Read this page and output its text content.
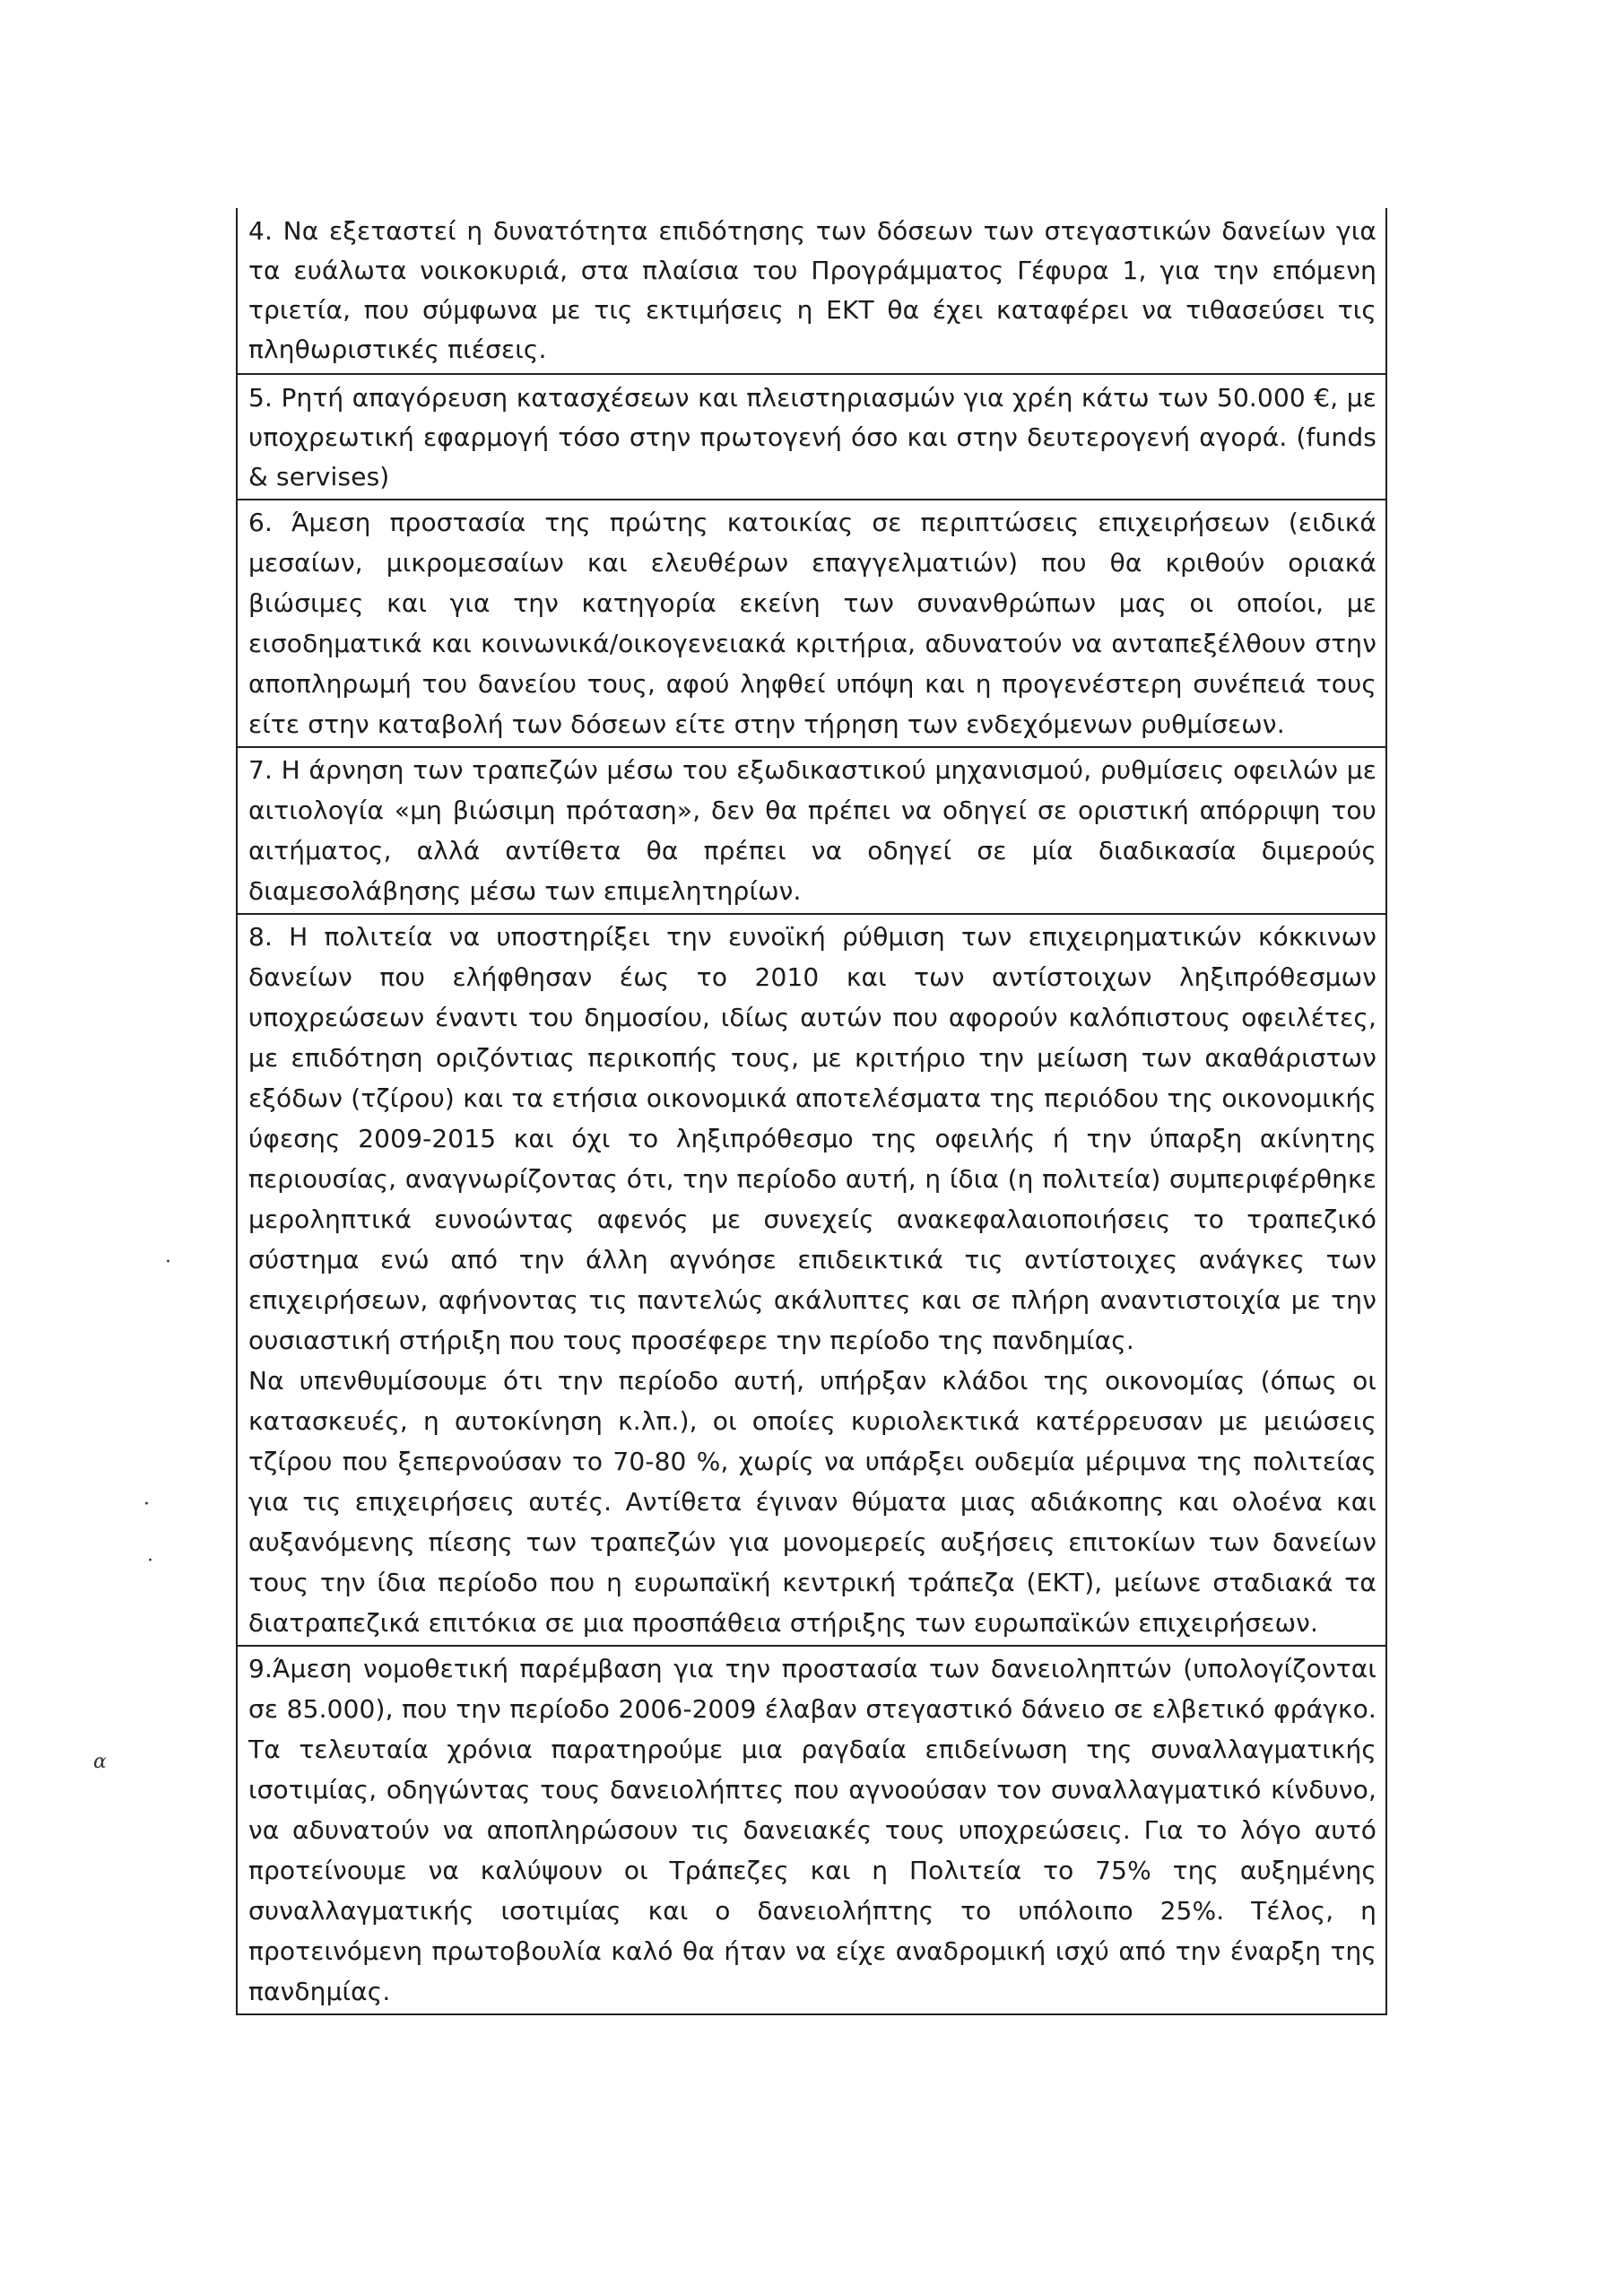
4. Να εξεταστεί η δυνατότητα επιδότησης των δόσεων των στεγαστικών δανείων για τα ευάλωτα νοικοκυριά, στα πλαίσια του Προγράμματος Γέφυρα 1, για την επόμενη τριετία, που σύμφωνα με τις εκτιμήσεις η ΕΚΤ θα έχει καταφέρει να τιθασεύσει τις πληθωριστικές πιέσεις.

5. Ρητή απαγόρευση κατασχέσεων και πλειστηριασμών για χρέη κάτω των 50.000 €, με υποχρεωτική εφαρμογή τόσο στην πρωτογενή όσο και στην δευτερογενή αγορά. (funds & servises)

6. Άμεση προστασία της πρώτης κατοικίας σε περιπτώσεις επιχειρήσεων (ειδικά μεσαίων, μικρομεσαίων και ελευθέρων επαγγελματιών) που θα κριθούν οριακά βιώσιμες και για την κατηγορία εκείνη των συνανθρώπων μας οι οποίοι, με εισοδηματικά και κοινωνικά/οικογενειακά κριτήρια, αδυνατούν να ανταπεξέλθουν στην αποπληρωμή του δανείου τους, αφού ληφθεί υπόψη και η προγενέστερη συνέπειά τους είτε στην καταβολή των δόσεων είτε στην τήρηση των ενδεχόμενων ρυθμίσεων.

7. Η άρνηση των τραπεζών μέσω του εξωδικαστικού μηχανισμού, ρυθμίσεις οφειλών με αιτιολογία «μη βιώσιμη πρόταση», δεν θα πρέπει να οδηγεί σε οριστική απόρριψη του αιτήματος, αλλά αντίθετα θα πρέπει να οδηγεί σε μία διαδικασία διμερούς διαμεσολάβησης μέσω των επιμελητηρίων.

8. Η πολιτεία να υποστηρίξει την ευνοϊκή ρύθμιση των επιχειρηματικών κόκκινων δανείων που ελήφθησαν έως το 2010 και των αντίστοιχων ληξιπρόθεσμων υποχρεώσεων έναντι του δημοσίου, ιδίως αυτών που αφορούν καλόπιστους οφειλέτες, με επιδότηση οριζόντιας περικοπής τους, με κριτήριο την μείωση των ακαθάριστων εξόδων (τζίρου) και τα ετήσια οικονομικά αποτελέσματα της περιόδου της οικονομικής ύφεσης 2009-2015 και όχι το ληξιπρόθεσμο της οφειλής ή την ύπαρξη ακίνητης περιουσίας, αναγνωρίζοντας ότι, την περίοδο αυτή, η ίδια (η πολιτεία) συμπεριφέρθηκε μεροληπτικά ευνοώντας αφενός με συνεχείς ανακεφαλαιοποιήσεις το τραπεζικό σύστημα ενώ από την άλλη αγνόησε επιδεικτικά τις αντίστοιχες ανάγκες των επιχειρήσεων, αφήνοντας τις παντελώς ακάλυπτες και σε πλήρη αναντιστοιχία με την ουσιαστική στήριξη που τους προσέφερε την περίοδο της πανδημίας.

Να υπενθυμίσουμε ότι την περίοδο αυτή, υπήρξαν κλάδοι της οικονομίας (όπως οι κατασκευές, η αυτοκίνηση κ.λπ.), οι οποίες κυριολεκτικά κατέρρευσαν με μειώσεις τζίρου που ξεπερνούσαν το 70-80 %, χωρίς να υπάρξει ουδεμία μέριμνα της πολιτείας για τις επιχειρήσεις αυτές. Αντίθετα έγιναν θύματα μιας αδιάκοπης και ολοένα και αυξανόμενης πίεσης των τραπεζών για μονομερείς αυξήσεις επιτοκίων των δανείων τους την ίδια περίοδο που η ευρωπαϊκή κεντρική τράπεζα (ΕΚΤ), μείωνε σταδιακά τα διατραπεζικά επιτόκια σε μια προσπάθεια στήριξης των ευρωπαϊκών επιχειρήσεων.

9.Άμεση νομοθετική παρέμβαση για την προστασία των δανειοληπτών (υπολογίζονται σε 85.000), που την περίοδο 2006-2009 έλαβαν στεγαστικό δάνειο σε ελβετικό φράγκο. Τα τελευταία χρόνια παρατηρούμε μια ραγδαία επιδείνωση της συναλλαγματικής ισοτιμίας, οδηγώντας τους δανειολήπτες που αγνοούσαν τον συναλλαγματικό κίνδυνο, να αδυνατούν να αποπληρώσουν τις δανειακές τους υποχρεώσεις. Για το λόγο αυτό προτείνουμε να καλύψουν οι Τράπεζες και η Πολιτεία το 75% της αυξημένης συναλλαγματικής ισοτιμίας και ο δανειολήπτης το υπόλοιπο 25%. Τέλος, η προτεινόμενη πρωτοβουλία καλό θα ήταν να είχε αναδρομική ισχύ από την έναρξη της πανδημίας.

·
·
·
ɑ
